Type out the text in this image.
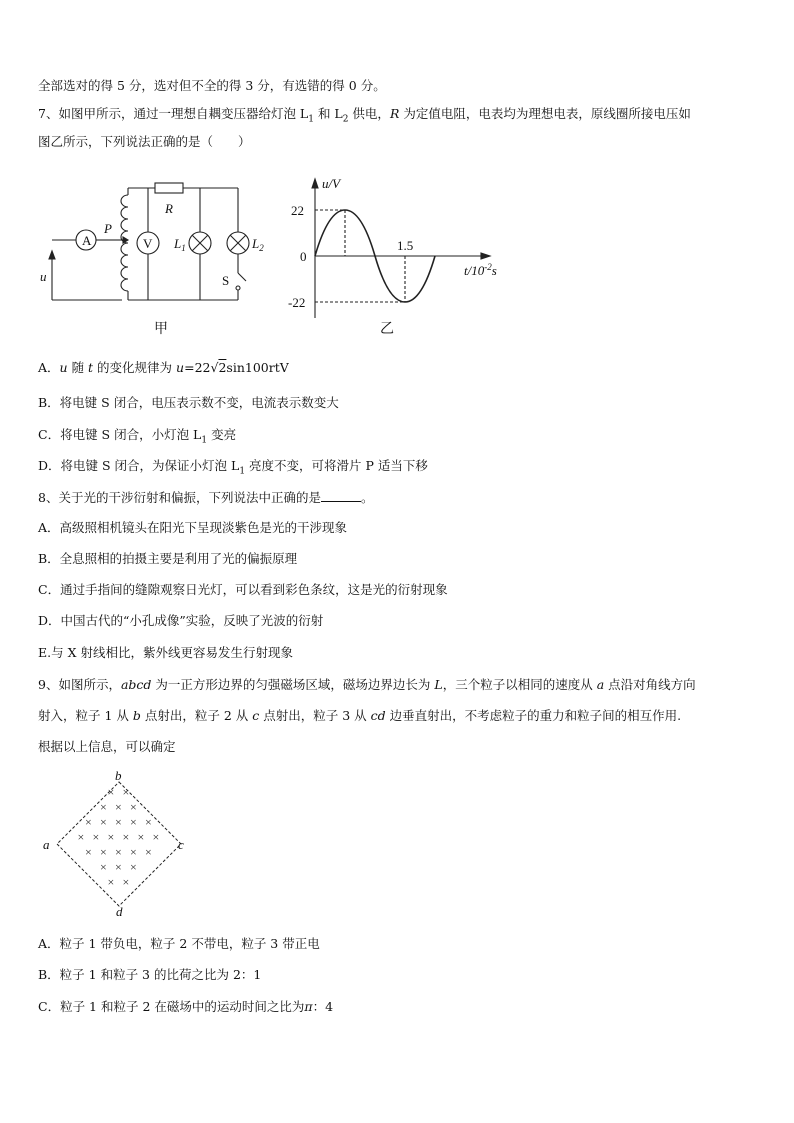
全部选对的得 5 分，选对但不全的得 3 分，有选错的得 0 分。
7、如图甲所示，通过一理想自耦变压器给灯泡 $L_1$ 和 $L_2$ 供电，R 为定值电阻，电表均为理想电表，原线圈所接电压如
图乙所示，下列说法正确的是（　　）
A	V
P
R
u	S
$L_1$	$L_2$
甲
u/V
22
0
-22
1.5
$t/10^{-2}s$
乙
A．u 随 t 的变化规律为 u=22√2sin100rtV
B．将电键 S 闭合，电压表示数不变，电流表示数变大
C．将电键 S 闭合，小灯泡 $L_1$ 变亮
D．将电键 S 闭合，为保证小灯泡 $L_1$ 亮度不变，可将滑片 P 适当下移
8、关于光的干涉衍射和偏振，下列说法中正确的是	。
A．高级照相机镜头在阳光下呈现淡紫色是光的干涉现象
B．全息照相的拍摄主要是利用了光的偏振原理
C．通过手指间的缝隙观察日光灯，可以看到彩色条纹，这是光的衍射现象
D．中国古代的“小孔成像”实验，反映了光波的衍射
E.与 X 射线相比，紫外线更容易发生行射现象
9、如图所示，abcd 为一正方形边界的匀强磁场区域，磁场边界边长为 L，三个粒子以相同的速度从 a 点沿对角线方向
射入，粒子 1 从 b 点射出，粒子 2 从 c 点射出，粒子 3 从 cd 边垂直射出，不考虑粒子的重力和粒子间的相互作用.
根据以上信息，可以确定
× ×
× × ×
× × × × ×
× × × × × ×
× × × × ×
× × ×
× ×
b
a	c
d
A．粒子 1 带负电，粒子 2 不带电，粒子 3 带正电
B．粒子 1 和粒子 3 的比荷之比为 2：1
C．粒子 1 和粒子 2 在磁场中的运动时间之比为π：4
